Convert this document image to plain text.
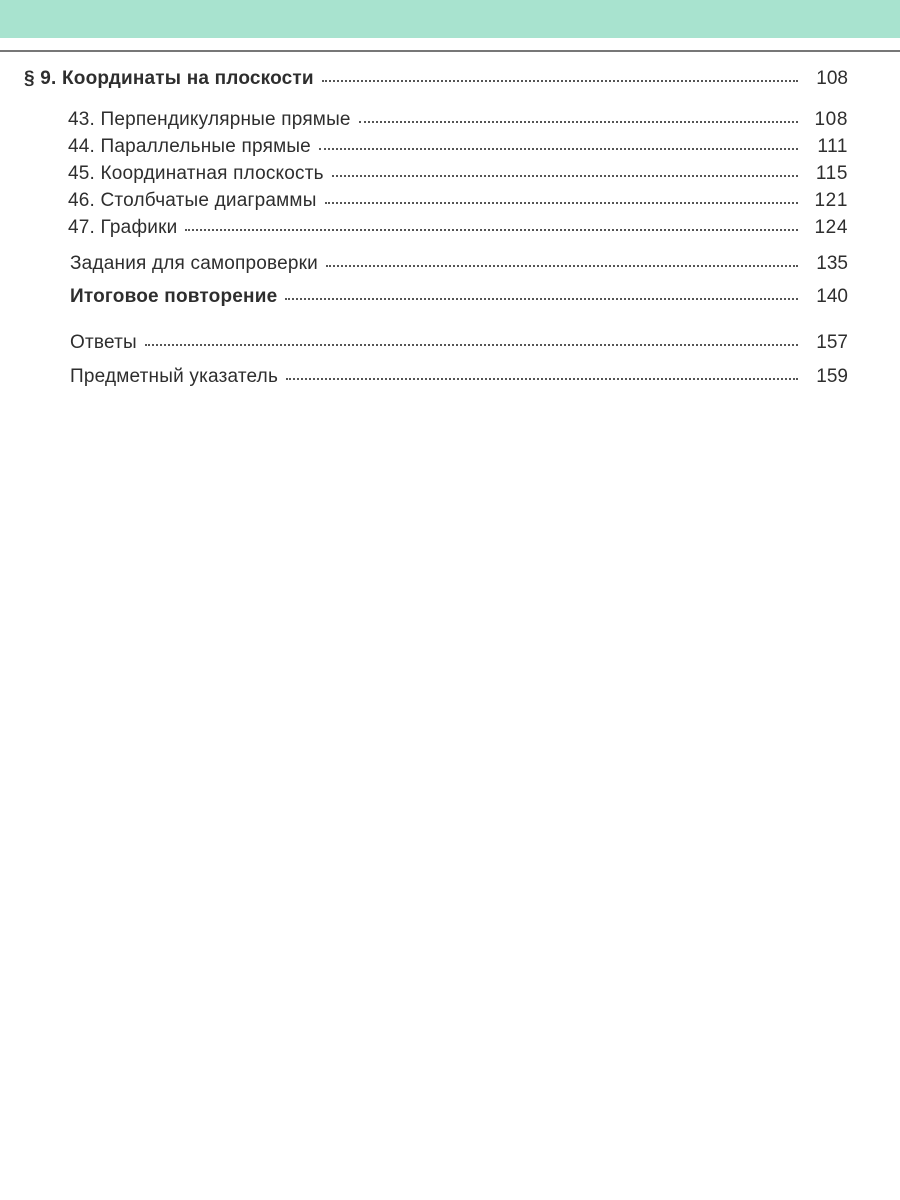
§ 9. Координаты на плоскости	108
43. Перпендикулярные прямые	108
44. Параллельные прямые	111
45. Координатная плоскость	115
46. Столбчатые диаграммы	121
47. Графики	124
Задания для самопроверки	135
Итоговое повторение	140
Ответы	157
Предметный указатель	159
